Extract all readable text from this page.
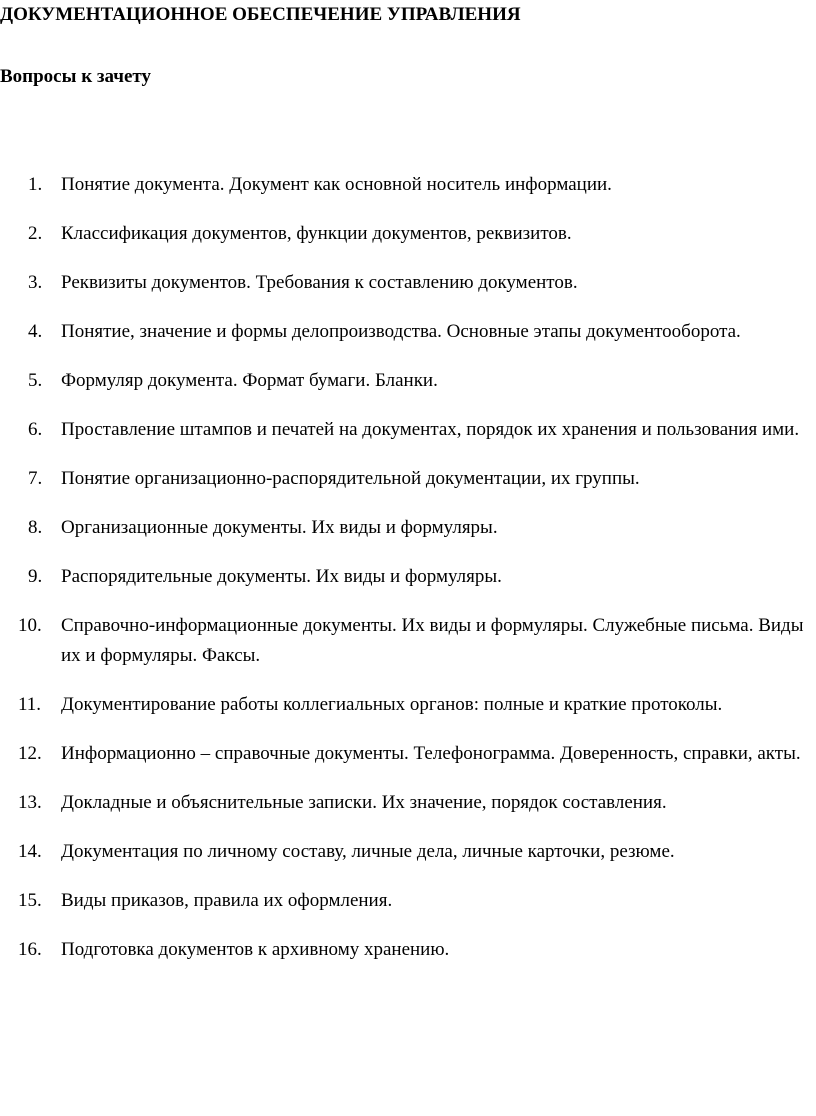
ДОКУМЕНТАЦИОННОЕ ОБЕСПЕЧЕНИЕ УПРАВЛЕНИЯ
Вопросы к зачету
1. Понятие документа. Документ как основной носитель информации.
2. Классификация документов, функции документов, реквизитов.
3. Реквизиты документов. Требования к составлению документов.
4. Понятие, значение и формы делопроизводства. Основные этапы документооборота.
5. Формуляр документа. Формат бумаги. Бланки.
6. Проставление штампов и печатей на документах, порядок их хранения и пользования ими.
7. Понятие организационно-распорядительной документации, их группы.
8. Организационные документы. Их виды и формуляры.
9. Распорядительные документы. Их виды и формуляры.
10.	Справочно-информационные документы. Их виды и формуляры. Служебные письма. Виды их и формуляры. Факсы.
11.	Документирование работы коллегиальных органов: полные и краткие протоколы.
12.	Информационно – справочные документы. Телефонограмма. Доверенность, справки, акты.
13.	Докладные и объяснительные записки. Их значение, порядок составления.
14.	Документация по личному составу, личные дела, личные карточки, резюме.
15.	Виды приказов, правила их оформления.
16.	Подготовка документов к архивному хранению.
